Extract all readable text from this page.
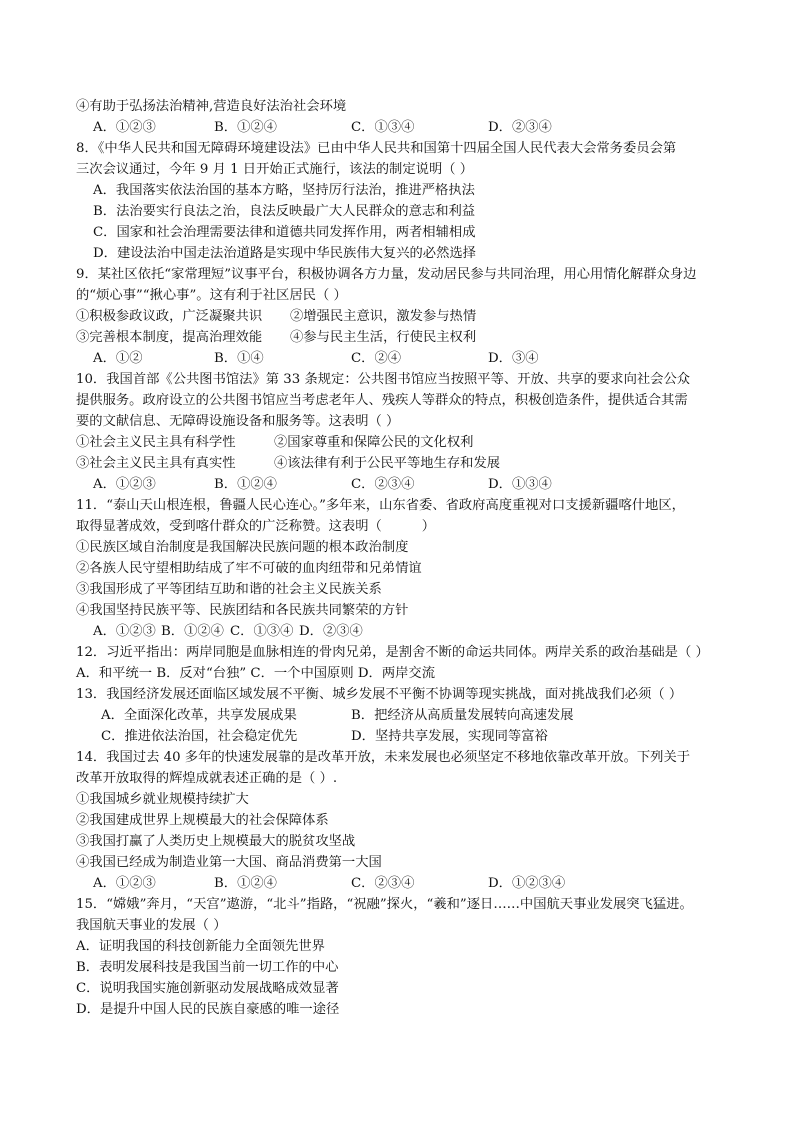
④有助于弘扬法治精神,营造良好法治社会环境
A．①②③	B．①②④	C．①③④	D．②③④
8．《中华人民共和国无障碍环境建设法》已由中华人民共和国第十四届全国人民代表大会常务委员会第
三次会议通过，今年 9 月 1 日开始正式施行，该法的制定说明（ ）
A．我国落实依法治国的基本方略，坚持厉行法治，推进严格执法
B．法治要实行良法之治，良法反映最广大人民群众的意志和利益
C．国家和社会治理需要法律和道德共同发挥作用，两者相辅相成
D．建设法治中国走法治道路是实现中华民族伟大复兴的必然选择
9．某社区依托“家常理短”议事平台，积极协调各方力量，发动居民参与共同治理，用心用情化解群众身边
的“烦心事”“揪心事”。这有利于社区居民（ ）
①积极参政议政，广泛凝聚共识 ②增强民主意识，激发参与热情
③完善根本制度，提高治理效能 ④参与民主生活，行使民主权利
A．①②	B．①④	C．②④	D．③④
10．我国首部《公共图书馆法》第 33 条规定：公共图书馆应当按照平等、开放、共享的要求向社会公众
提供服务。政府设立的公共图书馆应当考虑老年人、残疾人等群众的特点，积极创造条件，提供适合其需
要的文献信息、无障碍设施设备和服务等。这表明（ ）
①社会主义民主具有科学性	②国家尊重和保障公民的文化权利
③社会主义民主具有真实性	④该法律有利于公民平等地生存和发展
A．①②③	B．①②④	C．②③④	D．①③④
11．“泰山天山根连根，鲁疆人民心连心。”多年来，山东省委、省政府高度重视对口支援新疆喀什地区，
取得显著成效，受到喀什群众的广泛称赞。这表明（　　　）
①民族区域自治制度是我国解决民族问题的根本政治制度
②各族人民守望相助结成了牢不可破的血肉纽带和兄弟情谊
③我国形成了平等团结互助和谐的社会主义民族关系
④我国坚持民族平等、民族团结和各民族共同繁荣的方针
A．①②③ B．①②④ C．①③④ D．②③④
12．习近平指出：两岸同胞是血脉相连的骨肉兄弟，是割舍不断的命运共同体。两岸关系的政治基础是（ ）
A．和平统一 B．反对“台独” C．一个中国原则 D．两岸交流
13．我国经济发展还面临区域发展不平衡、城乡发展不平衡不协调等现实挑战，面对挑战我们必须（ ）
A．全面深化改革，共享发展成果	B．把经济从高质量发展转向高速发展
C．推进依法治国，社会稳定优先	D．坚持共享发展，实现同等富裕
14．我国过去 40 多年的快速发展靠的是改革开放，未来发展也必须坚定不移地依靠改革开放。下列关于
改革开放取得的辉煌成就表述正确的是（ ）.
①我国城乡就业规模持续扩大
②我国建成世界上规模最大的社会保障体系
③我国打赢了人类历史上规模最大的脱贫攻坚战
④我国已经成为制造业第一大国、商品消费第一大国
A．①②③	B．①②④	C．②③④	D．①②③④
15．“嫦娥”奔月，“天宫”遨游，“北斗”指路，“祝融”探火，“羲和”逐日……中国航天事业发展突飞猛进。
我国航天事业的发展（ ）
A．证明我国的科技创新能力全面领先世界
B．表明发展科技是我国当前一切工作的中心
C．说明我国实施创新驱动发展战略成效显著
D．是提升中国人民的民族自豪感的唯一途径
